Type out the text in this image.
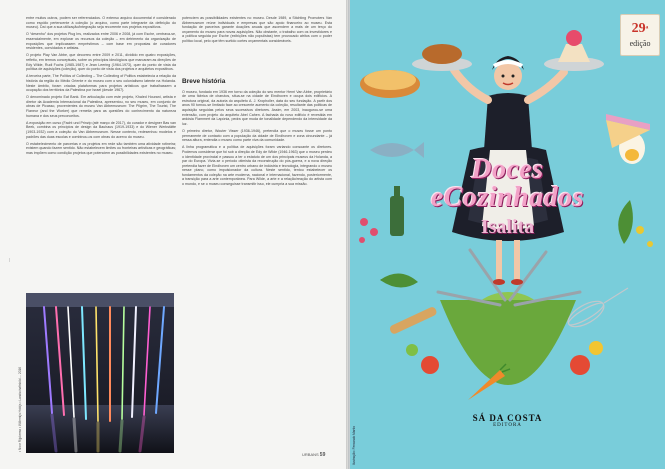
—

entre muitos outros, podem ser referenciados. O extenso arquivo documental é considerado como espólio pertencente à coleção (o arquivo, como parte integrante da definição do museu). Daí que a sua utilização/integração seja recorrente nos projetos expositivos.

O “desenho” dos projetos Plug Ins, realizados entre 2006 e 2008, já com Esche, centrava-se, essencialmente, em explorar os recursos da coleção – em detrimento da organização de exposições que implicassem empréstimos – com base em propostas de curadores residentes, convidados e artistas.

O projeto Play Van Abbe, que decorreu entre 2009 e 2011, dividido em quatro exposições, refletiu, em termos conceptuais, sobre os princípios ideológicos que marcaram as direções de Edy Wilde, Rudi Fuchs (1985-1987) e Jean Leering (1964-1973), quer do ponto de vista da política de aquisições (coleção), quer do ponto de vista dos projetos e arquitetos expositivos.

A terceira parte, The Politics of Collecting – The Collecting of Politics estabelecia a relação da história da região do Médio Oriente e do museu com o seu colonialismo latente na Holanda. Neste âmbito, foram criadas plataformas para projetos artísticos que trabalhassem a ocupação dos territórios da Palestina por Israel (desde 1967).

O denominado projeto Eat Bank. Em articulação com este projeto, Khaled Hourani, artista e diretor da Academia Internacional da Palestina, apresentou, no seu museu, em conjunto de obras de Picasso, provenientes do museu Van Abbemuseum: The Pilgrim, The Tourist, The Flaneur (and the Worker) que remetia para as questões do conhecimento da natureza humana e dos seus preconceitos.

A exposição em curso (Facht und Prinzip (até março de 2017), do curador e designer Bas van Beek, combina os princípios de design da Bauhaus (1919-1933) e do Wiener Werkstätte (1903-1932) com a coleção do Van Abbemuseum. Nesse contexto, redesenhou modelos e padrões das duas escolas e combinou-os com obras do acervo do museu.

O estabelecimento de parcerias e os projetos em rede são também uma atividade rotineira; existem quando fazem sentido. Não estabelecem limites ou fronteiras artísticas e geográficas; mas impõem como condição projetos que potenciem as possibilidades existentes no museu.

potenciem as possibilidades existentes no museu. Desde 1989, a Stichting Promoters Van Abbemuseum reúne individuais e empresas que são apoio financeiro ao museu. Esta fundação de parceiros garante doações anuais que ascendem a mais de um terço do orçamento do museu para novas aquisições. Não obstante, o trabalho com os investidores e a política seguida por Esche (exibições não populistas) tem provocado atritos com o poder político local, pelo que têm surtido cortes orçamentais consideráveis.

Breve história

O museu, fundado em 1936 em torno da coleção do seu mentor Henri Van Abbe, proprietário de uma fábrica de charutos, situa-se na cidade de Eindhoven e ocupa dois edifícios. A estrutura original, da autoria do arquiteto A. J. Kropholler, data do seu fundação. A partir dos anos 90 tornou-se limitado face ao crescente aumento da coleção, resultante das políticas de aquisição seguidas pelos seus sucessivos diretores. Assim, em 2003, inaugurou-se uma extensão, com projeto do arquiteto Abel Cahen. A fachada do novo edifício é revestida em ardósia Flammert da Lapónia, pedra que muda de tonalidade dependendo da intensidade da luz.

O primeiro diretor, Wouter Visser (1936-1946), pretendia que o museu fosse um ponto permanente de contacto com a população da cidade de Eindhoven e zona circundante – já nessa altura, entendia o museu como parte viva da comunidade.

A linha programática e a política de aquisições foram variando consoante os diretores. Podemos considerar que foi sob a direção de Edy de Wilde (1946-1963) que o museu perdeu o identidade provincial e passou a ter o estatuto de um dos principais museus da Holanda, a par do Europa. Vivia-se o período otimista da reconstrução do pós-guerra, e a nova direção pretendia fazer de Eindhoven um centro urbano de indústria e tecnologia, integrando o museu nesse plano, como impulsionador da cultura. Neste sentido, tentou estabelecer os fundamentos da coleção na arte moderna, nacional e internacional, fazendo, posteriormente, a transição para a arte contemporânea. Para Wilde, a arte e a relação/reação do artista com o mundo, e se o museu conseguisse transmitir isso, ele cumpria a sua missão.

• Noor Rijpkema • Willemijn Hobijs • Landschaftsbild ... 2016
URBANS 59
$29^ª$
edição
Doces
eCozinhados
Isalita
SÁ DA COSTA
EDITORA
Ilustração: Fernando Martin
